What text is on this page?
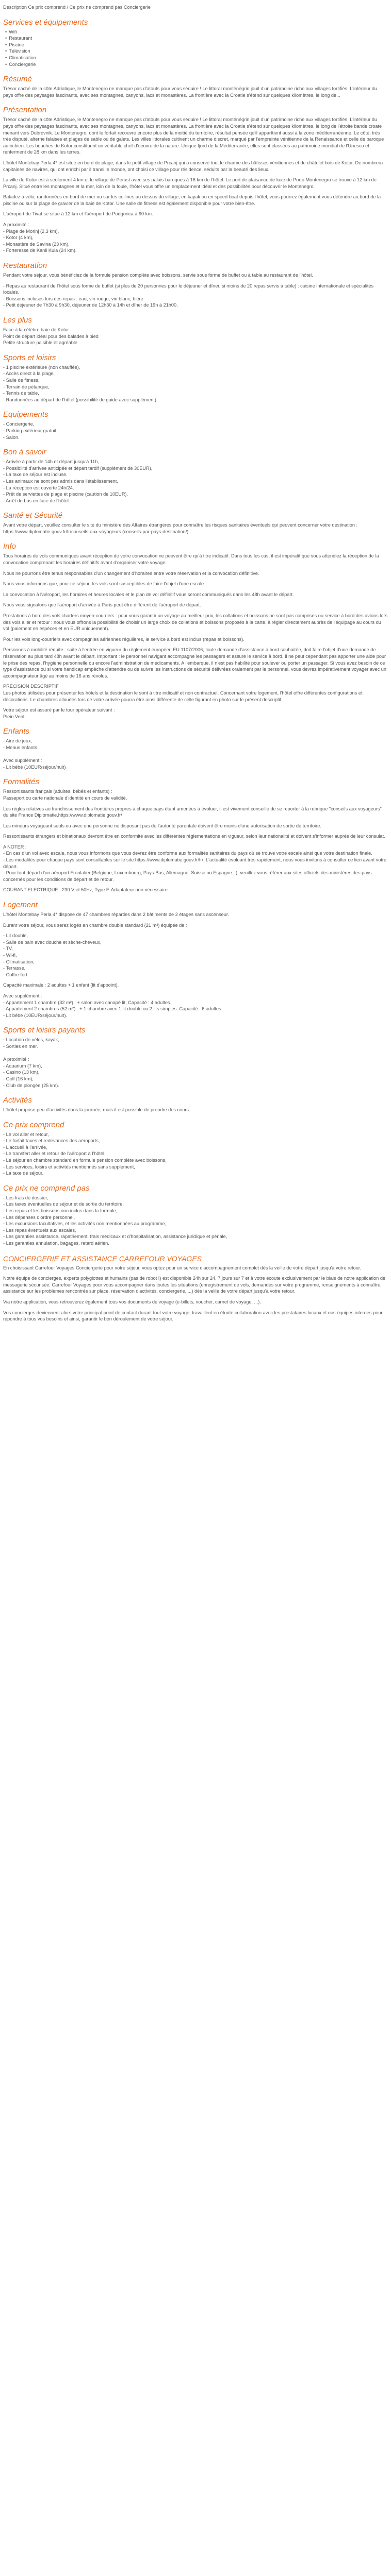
Description Ce prix comprend / Ce prix ne comprend pas Conciergerie
Services et équipements
• Wifi
• Restaurant
• Piscine
• Télévision
• Climatisation
• Conciergerie
Résumé

Trésor caché de la côte Adriatique, le Montenegro ne manque pas d'atouts pour vous séduire ! Le littoral monténégrin jouit d'un patrimoine riche aux villages fortifiés. L'intérieur du pays offre des paysages fascinants, avec ses montagnes, canyons, lacs et monastères. La frontière avec la Croatie s'étend sur quelques kilomètres, le long de...

Présentation

Trésor caché de la côte Adriatique, le Montenegro ne manque pas d'atouts pour vous séduire ! Le littoral monténégrin jouit d'un patrimoine riche aux villages fortifiés. L'intérieur du pays offre des paysages fascinants, avec ses montagnes, canyons, lacs et monastères. La frontière avec la Croatie s'étend sur quelques kilomètres, le long de l'étroite bande croate menant vers Dubrovnik. Le Montenegro, dont le forfait recouvre encore plus de la moitié du territoire, résultat pensée qu'il apparttient aussi à la zone méditerranéenne. Le côté, très très disputé, alterne falaises et plages de sable ou de galets. Les villes littorales cultivent un charme discret, marqué par l'empreinte vénitienne de la Renaissance et celle de baroque autrichien. Les bouches de Kotor constituent un véritable chef-d'oeuvre de la nature. Unique fjord de la Méditerranée, elles sont classées au patrimoine mondial de l'Unesco et renferment de 28 km dans les terres.

L'hôtel Montebay Perla 4* est situé en bord de plage, dans le petit village de Prcanj qui a conservé tout le charme des bâtisses vénitiennes et de châtelet bois de Kotor. De nombreux capitaines de navires, qui ont enrichi par il transi le monde, ont choisi ce village pour résidence, séduits par la beauté des lieux.

La ville de Kotor est à seulement 4 km et le village de Perast avec ses palais baroques à 16 km de l'hôtel. Le port de plaisance de luxe de Porto Montenegro se trouve à 12 km de Prcanj. Situé entre les montagnes et la mer, loin de la foule, l'hôtel vous offre un emplacement idéal et des possibilités pour découvrir le Montenegro.

Baladez à vélo, randonnées en bord de mer ou sur les collines au dessus du village, en kayak ou en speed boat depuis l'hôtel, vous pourrez également vous détendre au bord de la piscine ou sur la plage de gravier de la baie de Kotor. Une salle de fitness est également disponible pour votre bien-être.

L'aéroport de Tivat se situe à 12 km et l'aéroport de Podgorica à 90 km.

A proximité :
- Plage de Morinj (2,3 km),
- Kotor (4 km),
- Monastère de Savina (23 km),
- Forteresse de Kanli Kula (24 km).
Restauration

Pendant votre séjour, vous bénéficiez de la formule pension complète avec boissons, servie sous forme de buffet ou à table au restaurant de l'hôtel.

- Repas au restaurant de l'hôtel sous forme de buffet (si plus de 20 personnes pour le déjeuner et dîner, si moins de 20 repas servis à table) : cuisine internationale et spécialités locales.
- Boissons incluses lors des repas : eau, vin rouge, vin blanc, bière
- Petit déjeuner de 7h30 à 9h30, déjeuner de 12h30 à 14h et dîner de 19h à 21h00.
Les plus
Face à la célèbre baie de Kotor
Point de départ idéal pour des balades à pied
Petite structure paisible et agréable
Sports et loisirs
- 1 piscine extérieure (non chauffée),
- Accès direct à la plage,
- Salle de fitness,
- Terrain de pétanque,
- Tennis de table,
- Randonnées au départ de l'hôtel (possibilité de guide avec supplément).
Equipements
- Conciergerie,
- Parking extérieur gratuit,
- Salon.
Bon à savoir
- Arrivée à partir de 14h et départ jusqu'à 11h,
- Possibilité d'arrivée anticipée et départ tardif (supplément de 30EUR),
- La taxe de séjour est incluse.
- Les animaux ne sont pas admis dans l'établissement.
- La réception est ouverte 24h/24.
- Prêt de serviettes de plage et piscine (caution de 10EUR).
- Arrêt de bus en face de l'hôtel.
Santé et Sécurité

Avant votre départ, veuillez consulter le site du ministère des Affaires étrangères pour connaître les risques sanitaires éventuels qui peuvent concerner votre destination : https://www.diplomatie.gouv.fr/fr/conseils-aux-voyageurs (conseils-par-pays-destination/)

Info

Tous horaires de vols communiqués avant réception de votre convocation ne peuvent être qu'à titre indicatif. Dans tous les cas, il est impératif que vous attendiez la réception de la convocation comprenant les horaires définitifs avant d'organiser votre voyage.

Nous ne pourrons être tenus responsables d'un changement d'horaires entre votre réservation et la convocation définitive.

Nous vous informons que, pour ce séjour, les vols sont susceptibles de faire l'objet d'une escale.

La convocation à l'aéroport, les horaires et heures locales et le plan de vol définitif vous seront communiqués dans les 48h avant le départ.

Nous vous signalons que l'aéroport d'arrivée à Paris peut être différent de l'aéroport de départ.

Prestations à bord des vols charters moyen-courriers : pour vous garantir un voyage au meilleur prix, les collations et boissons ne sont pas comprises ou service à bord des avions lors des vols aller et retour : nous vous offrons la possibilité de choisir un large choix de collations et boissons proposés à la carte, à régler directement auprès de l'équipage au cours du vol (paiement en espèces et en EUR uniquement).

Pour les vols long-courriers avec compagnies aériennes régulières, le service à bord est inclus (repas et boissons).

Personnes à mobilité réduite : suite à l'entrée en vigueur du règlement européen EU 1107/2006, toute demande d'assistance à bord souhaitée, doit faire l'objet d'une demande de réservation au plus tard 48h avant le départ. Important : le personnel navigant accompagne les passagers et assure le service à bord. Il ne peut cependant pas apporter une aide pour le prise des repas, l'hygiène personnelle ou encore l'administration de médicaments. A l'embarque, il n'est pas habilité pour soulever ou porter un passager. Si vous avez besoin de ce type d'assistance ou si votre handicap empêche d'attendre ou de suivre les instructions de sécurité délivrées oralement par le personnel, vous devrez impérativement voyager avec un accompagnateur âgé au moins de 16 ans révolus.

PRÉCISION DESCRIPTIF

Les photos utilisées pour présenter les hôtels et la destination le sont à titre indicatif et non contractuel. Concernant votre logement, l'hôtel offre différentes configurations et décorations. Le chambres allouées lors de votre arrivée pourra être ainsi différente de celle figurant en photo sur le présent descriptif.

Votre séjour est assuré par le tour opérateur suivant :
Plein Vent

Enfants
- Aire de jeux,
- Menus enfants.
Avec supplément :
- Lit bébé (10EUR/séjour/nuit)
Formalités

Ressortissants français (adultes, bébés et enfants) :
Passeport ou carte nationale d'identité en cours de validité.

Les règles relatives au franchissement des frontières propres à chaque pays étant amenées à évoluer, il est vivement conseillé de se reporter à la rubrique "conseils aux voyageurs" du site France Diplomatie,https://www.diplomatie.gouv.fr/

Les mineurs voyageant seuls ou avec une personne ne disposant pas de l'autorité parentale doivent être munis d'une autorisation de sortie de territoire.

Ressortissants étrangers et binationaux devront être en conformité avec les différentes réglementations en vigueur, selon leur nationalité et doivent s'informer auprès de leur consulat.

A NOTER :
- En cas d'un vol avec escale, nous vous informons que vous devrez être conforme aux formalités sanitaires du pays où se trouve votre escale ainsi que votre destination finale.
- Les modalités pour chaque pays sont consultables sur le site https://www.diplomatie.gouv.fr/fr/. L'actualité évoluant très rapidement, nous vous invitons à consulter ce lien avant votre départ.
- Pour tout départ d'un aéroport Frontalier (Belgique, Luxembourg, Pays-Bas, Allemagne, Suisse ou Espagne...), veuillez vous référer aux sites officiels des ministères des pays concernés pour les conditions de départ et de retour.

COURANT ELECTRIQUE : 230 V et 50Hz, Type F. Adaptateur non nécessaire.

Logement

L'hôtel Montebay Perla 4* dispose de 47 chambres réparties dans 2 bâtiments de 2 étages sans ascenseur.

Durant votre séjour, vous serez logés en chambre double standard (21 m²) équipée de :

- Lit double,
- Salle de bain avec douche et sèche-cheveux,
- TV,
- Wi-fi,
- Climatisation,
- Terrasse,
- Coffre-fort.

Capacité maximale : 2 adultes + 1 enfant (lit d'appoint).

Avec supplément :
- Appartement 1 chambre (32 m²) : + salon avec canapé lit, Capacité : 4 adultes.
- Appartement 2 chambres (52 m²) : + 1 chambre avec 1 lit double ou 2 lits simples. Capacité : 6 adultes.
- Lit bébé (10EUR/séjour/nuit).
Sports et loisirs payants
- Location de vélos, kayak,
- Sorties en mer.
A proximité :
- Aquarium (7 km),
- Casino (13 km),
- Golf (16 km),
- Club de plongée (25 km).
Activités

L'hôtel propose peu d'activités dans la journée, mais il est possible de prendre des cours...

Ce prix comprend
- Le vol aller et retour,
- Le forfait taxes et redevances des aéroports,
- L'accueil à l'arrivée,
- Le transfert aller et retour de l'aéroport à l'hôtel,
- Le séjour en chambre standard en formule pension complète avec boissons,
- Les services, loisirs et activités mentionnés sans supplément,
- La taxe de séjour.
Ce prix ne comprend pas
- Les frais de dossier,
- Les taxes éventuelles de séjour et de sortie du territoire,
- Les repas et les boissons non inclus dans la formule,
- Les dépenses d'ordre personnel,
- Les excursions facultatives, et les activités non mentionnées au programme,
- Les repas éventuels aux escales,
- Les garanties assistance, rapatriement, frais médicaux et d'hospitalisation, assistance juridique et pénale,
- Les garanties annulation, bagages, retard aérien.
CONCIERGERIE ET ASSISTANCE CARREFOUR VOYAGES

En choisissant Carrefour Voyages Conciergerie pour votre séjour, vous optez pour un service d'accompagnement complet dès la veille de votre départ jusqu'à votre retour.

Notre équipe de concierges, experts polyglottes et humains (pas de robot !) est disponible 24h sur 24, 7 jours sur 7 et à votre écoute exclusivement par le biais de notre application de messagerie sécurisée. Carrefour Voyages pour vous accompagner dans toutes les situations (enregistrement de vols, demandes sur votre programme, renseignements à connaître, assistance sur les problèmes rencontrés sur place, réservation d'activités, conciergerie, ...) dès la veille de votre départ jusqu'à votre retour.

Via notre application, vous retrouverez également tous vos documents de voyage (e-billets, voucher, carnet de voyage, ...).

Vos concierges deviennent alors votre principal point de contact durant tout votre voyage, travaillent en étroite collaboration avec les prestataires locaux et nos équipes internes pour répondre à tous vos besoins et ainsi, garantir le bon déroulement de votre séjour.
